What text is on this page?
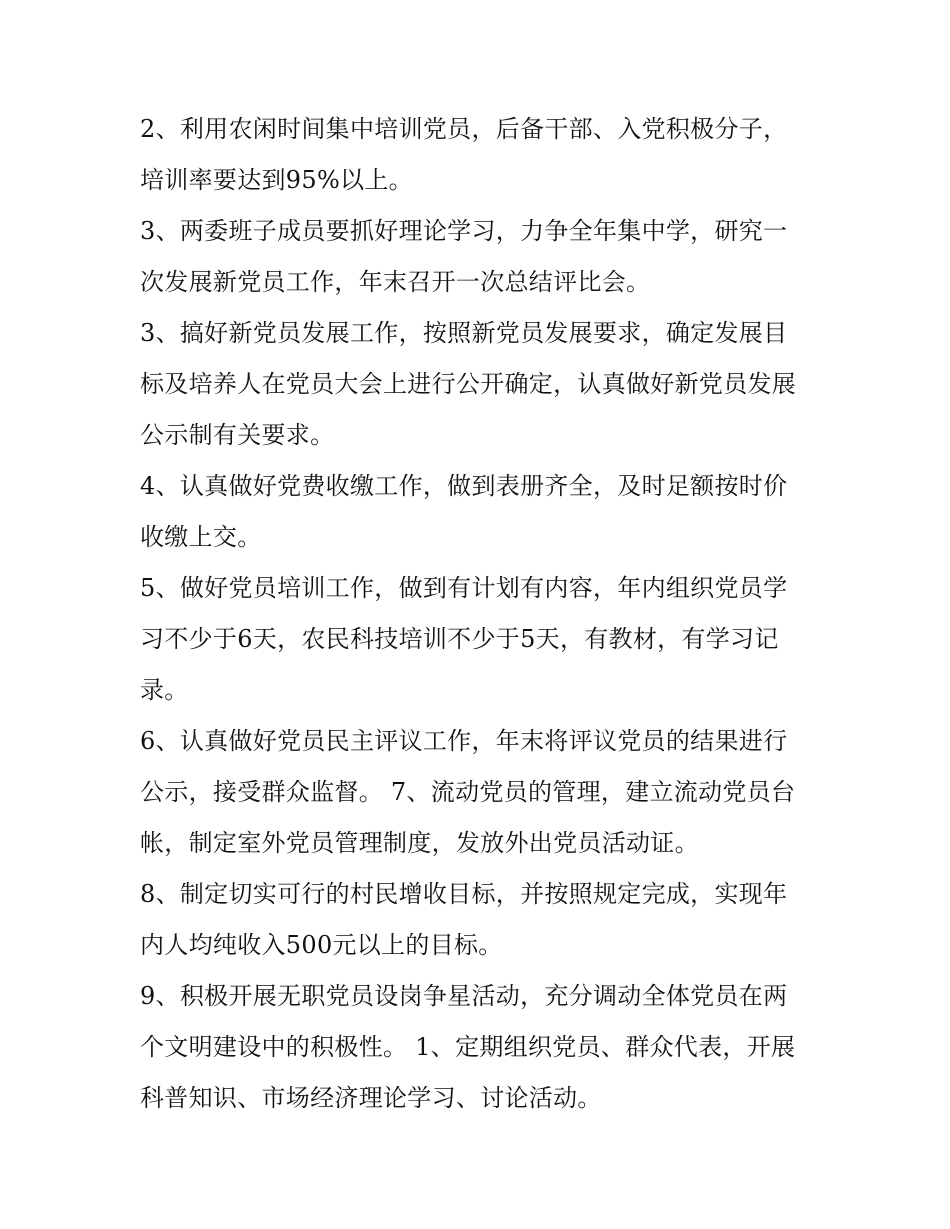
2、利用农闲时间集中培训党员，后备干部、入党积极分子，
培训率要达到95%以上。
3、两委班子成员要抓好理论学习，力争全年集中学，研究一
次发展新党员工作，年末召开一次总结评比会。
3、搞好新党员发展工作，按照新党员发展要求，确定发展目
标及培养人在党员大会上进行公开确定，认真做好新党员发展
公示制有关要求。
4、认真做好党费收缴工作，做到表册齐全，及时足额按时价
收缴上交。
5、做好党员培训工作，做到有计划有内容，年内组织党员学
习不少于6天，农民科技培训不少于5天，有教材，有学习记
录。
6、认真做好党员民主评议工作，年末将评议党员的结果进行
公示，接受群众监督。 7、流动党员的管理，建立流动党员台
帐，制定室外党员管理制度，发放外出党员活动证。
8、制定切实可行的村民增收目标，并按照规定完成，实现年
内人均纯收入500元以上的目标。
9、积极开展无职党员设岗争星活动，充分调动全体党员在两
个文明建设中的积极性。 1、定期组织党员、群众代表，开展
科普知识、市场经济理论学习、讨论活动。
